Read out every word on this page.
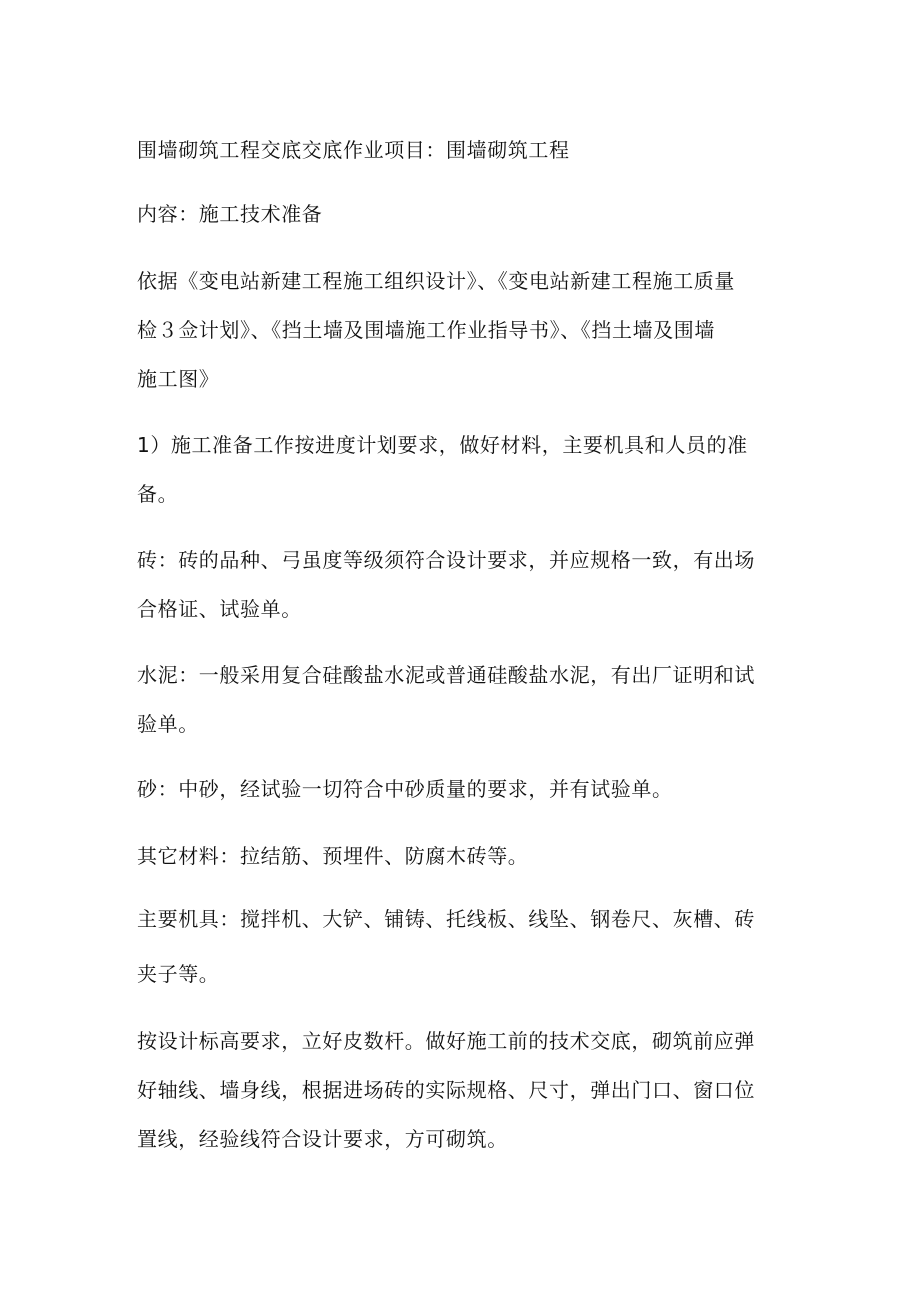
围墙砌筑工程交底交底作业项目：围墙砌筑工程

内容：施工技术准备

依据《变电站新建工程施工组织设计》、《变电站新建工程施工质量
检３佥计划》、《挡土墙及围墙施工作业指导书》、《挡土墙及围墙
施工图》

1）施工准备工作按进度计划要求，做好材料，主要机具和人员的准
备。

砖：砖的品种、弓虽度等级须符合设计要求，并应规格一致，有出场
合格证、试验单。

水泥：一般采用复合硅酸盐水泥或普通硅酸盐水泥，有出厂证明和试
验单。

砂：中砂，经试验一切符合中砂质量的要求，并有试验单。

其它材料：拉结筋、预埋件、防腐木砖等。

主要机具：搅拌机、大铲、铺铸、托线板、线坠、钢卷尺、灰槽、砖
夹子等。

按设计标高要求，立好皮数杆。做好施工前的技术交底，砌筑前应弹
好轴线、墙身线，根据进场砖的实际规格、尺寸，弹出门口、窗口位
置线，经验线符合设计要求，方可砌筑。
